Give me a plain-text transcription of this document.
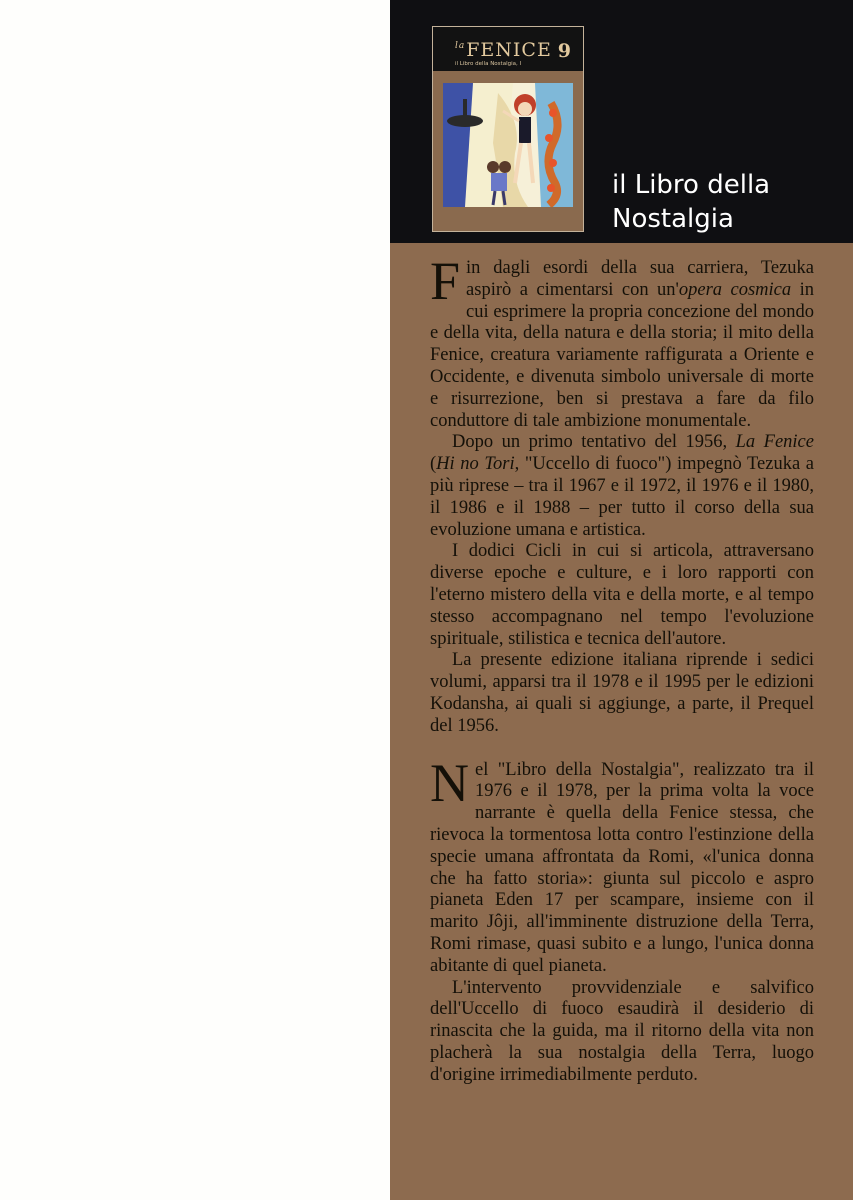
$^{la}$FENICE 9
il Libro della Nostalgia, I
il Libro della
Nostalgia

Fin dagli esordi della sua carriera, Tezuka aspirò a cimentarsi con un'opera cosmica in cui esprimere la propria concezione del mondo e della vita, della natura e della storia; il mito della Fenice, creatura variamente raffigurata a Oriente e Occidente, e divenuta simbolo universale di morte e risurrezione, ben si prestava a fare da filo conduttore di tale ambizione monumentale.

Dopo un primo tentativo del 1956, La Fenice (Hi no Tori, "Uccello di fuoco") impegnò Tezuka a più riprese – tra il 1967 e il 1972, il 1976 e il 1980, il 1986 e il 1988 – per tutto il corso della sua evoluzione umana e artistica.

I dodici Cicli in cui si articola, attraversano diverse epoche e culture, e i loro rapporti con l'eterno mistero della vita e della morte, e al tempo stesso accompagnano nel tempo l'evoluzione spirituale, stilistica e tecnica dell'autore.

La presente edizione italiana riprende i sedici volumi, apparsi tra il 1978 e il 1995 per le edizioni Kodansha, ai quali si aggiunge, a parte, il Prequel del 1956.

Nel "Libro della Nostalgia", realizzato tra il 1976 e il 1978, per la prima volta la voce narrante è quella della Fenice stessa, che rievoca la tormentosa lotta contro l'estinzione della specie umana affrontata da Romi, «l'unica donna che ha fatto storia»: giunta sul piccolo e aspro pianeta Eden 17 per scampare, insieme con il marito Jôji, all'imminente distruzione della Terra, Romi rimase, quasi subito e a lungo, l'unica donna abitante di quel pianeta.

L'intervento provvidenziale e salvifico dell'Uccello di fuoco esaudirà il desiderio di rinascita che la guida, ma il ritorno della vita non placherà la sua nostalgia della Terra, luogo d'origine irrimediabilmente perduto.
